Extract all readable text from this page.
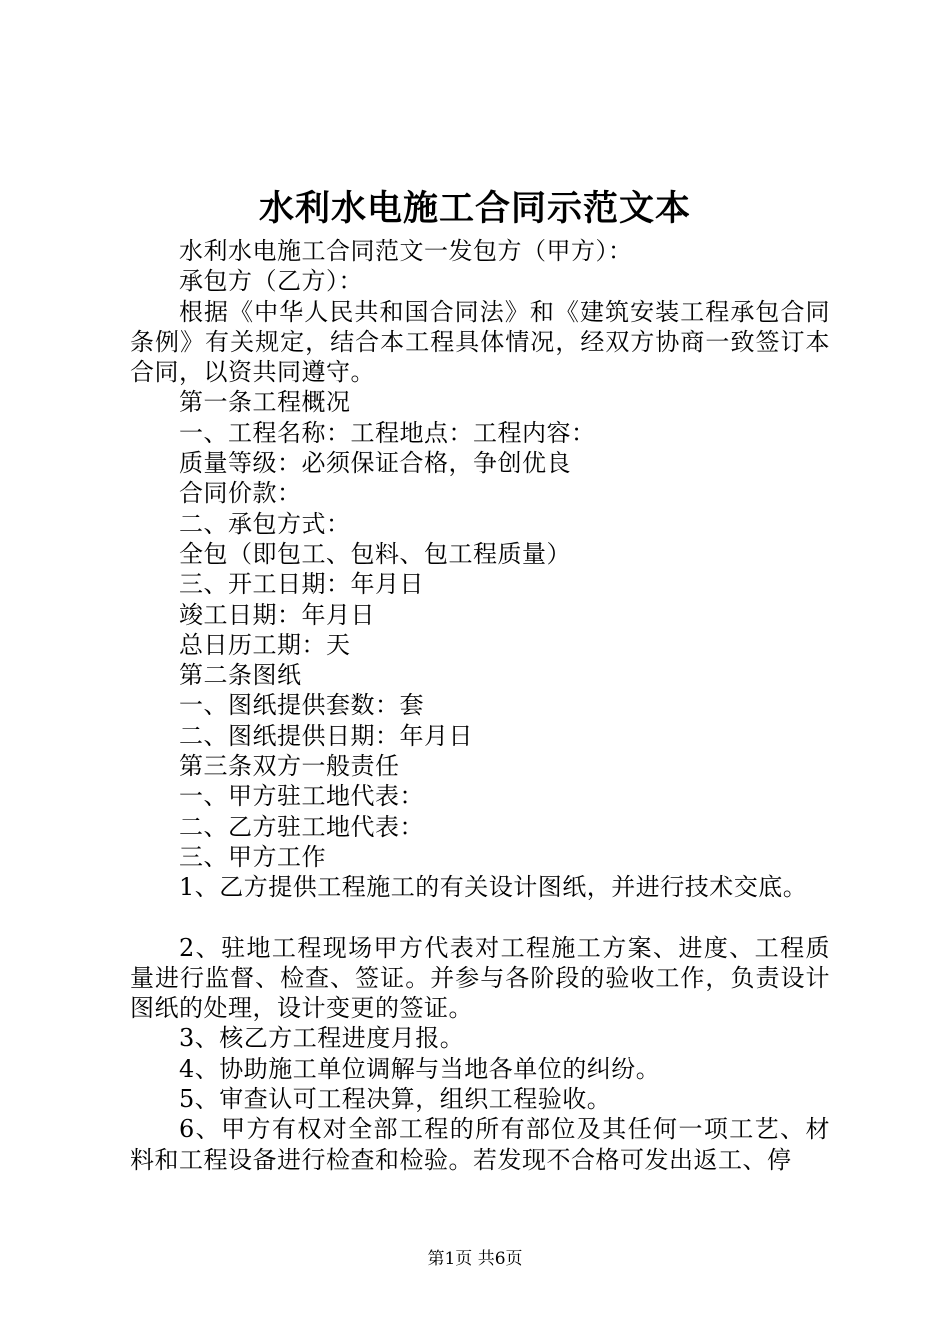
水利水电施工合同示范文本

水利水电施工合同范文一发包方（甲方）：

承包方（乙方）：

根据《中华人民共和国合同法》和《建筑安装工程承包合同条例》有关规定，结合本工程具体情况，经双方协商一致签订本合同，以资共同遵守。

第一条工程概况

一、工程名称：工程地点：工程内容：

质量等级：必须保证合格，争创优良

合同价款：

二、承包方式：

全包（即包工、包料、包工程质量）

三、开工日期：年月日

竣工日期：年月日

总日历工期：天

第二条图纸

一、图纸提供套数：套

二、图纸提供日期：年月日

第三条双方一般责任

一、甲方驻工地代表：

二、乙方驻工地代表：

三、甲方工作

1、乙方提供工程施工的有关设计图纸，并进行技术交底。

2、驻地工程现场甲方代表对工程施工方案、进度、工程质量进行监督、检查、签证。并参与各阶段的验收工作，负责设计图纸的处理，设计变更的签证。

3、核乙方工程进度月报。

4、协助施工单位调解与当地各单位的纠纷。

5、审查认可工程决算，组织工程验收。

6、甲方有权对全部工程的所有部位及其任何一项工艺、材料和工程设备进行检查和检验。若发现不合格可发出返工、停

第1页 共6页
